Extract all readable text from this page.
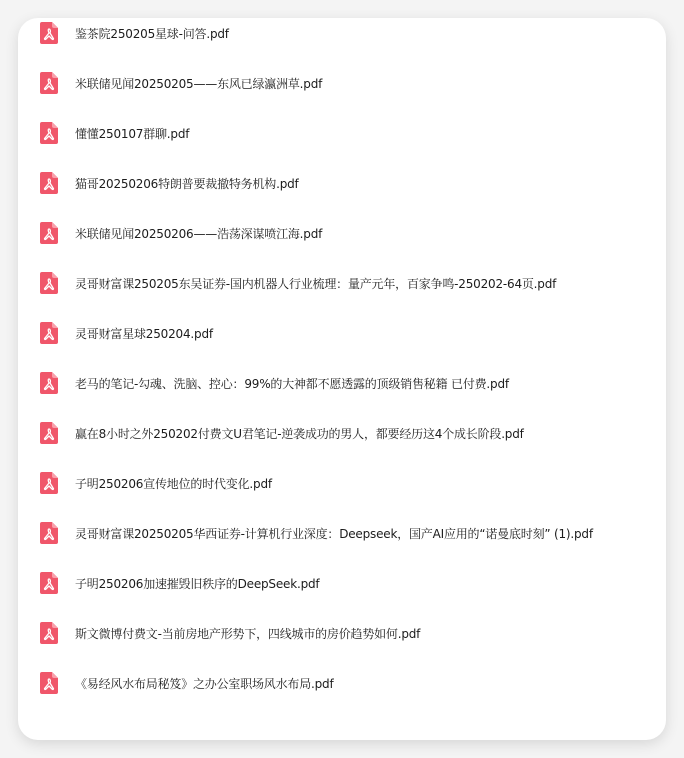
鉴茶院250205星球-问答.pdf
米联储见闻20250205——东风已绿瀛洲草.pdf
懂懂250107群聊.pdf
猫哥20250206特朗普要裁撤特务机构.pdf
米联储见闻20250206——浩荡深谋喷江海.pdf
灵哥财富课250205东吴证券-国内机器人行业梳理：量产元年，百家争鸣-250202-64页.pdf
灵哥财富星球250204.pdf
老马的笔记-勾魂、洗脑、控心：99%的大神都不愿透露的顶级销售秘籍 已付费.pdf
赢在8小时之外250202付费文U君笔记-逆袭成功的男人，都要经历这4个成长阶段.pdf
子明250206宣传地位的时代变化.pdf
灵哥财富课20250205华西证券-计算机行业深度：Deepseek，国产AI应用的“诺曼底时刻” (1).pdf
子明250206加速摧毁旧秩序的DeepSeek.pdf
斯文微博付费文-当前房地产形势下，四线城市的房价趋势如何.pdf
《易经风水布局秘笈》之办公室职场风水布局.pdf
